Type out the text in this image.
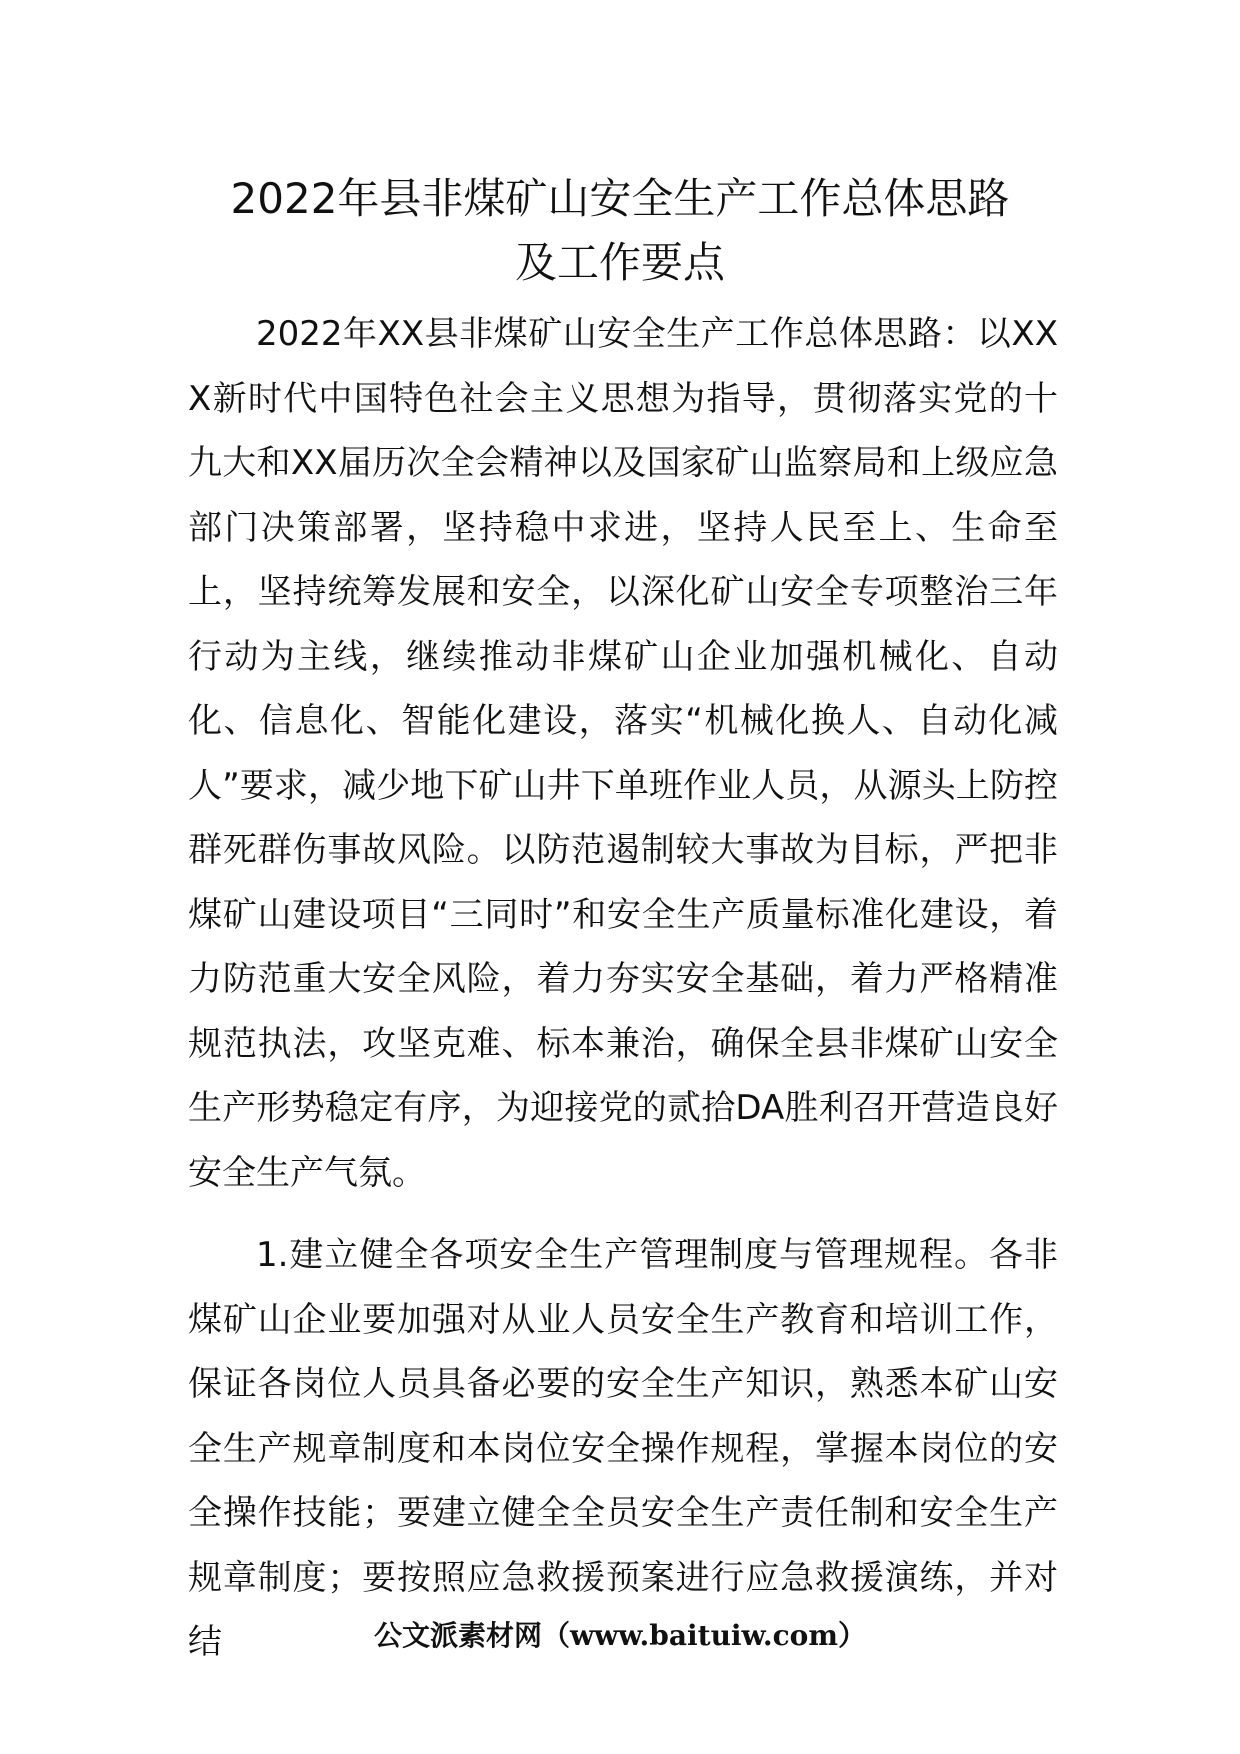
2022年县非煤矿山安全生产工作总体思路
及工作要点

2022年XX县非煤矿山安全生产工作总体思路：以XXX新时代中国特色社会主义思想为指导，贯彻落实党的十九大和XX届历次全会精神以及国家矿山监察局和上级应急部门决策部署，坚持稳中求进，坚持人民至上、生命至上，坚持统筹发展和安全，以深化矿山安全专项整治三年行动为主线，继续推动非煤矿山企业加强机械化、自动化、信息化、智能化建设，落实“机械化换人、自动化减人”要求，减少地下矿山井下单班作业人员，从源头上防控群死群伤事故风险。以防范遏制较大事故为目标，严把非煤矿山建设项目“三同时”和安全生产质量标准化建设，着力防范重大安全风险，着力夯实安全基础，着力严格精准规范执法，攻坚克难、标本兼治，确保全县非煤矿山安全生产形势稳定有序，为迎接党的贰拾DA胜利召开营造良好安全生产气氛。

1.建立健全各项安全生产管理制度与管理规程。各非煤矿山企业要加强对从业人员安全生产教育和培训工作，保证各岗位人员具备必要的安全生产知识，熟悉本矿山安全生产规章制度和本岗位安全操作规程，掌握本岗位的安全操作技能；要建立健全全员安全生产责任制和安全生产规章制度；要按照应急救援预案进行应急救援演练，并对结	公文派素材网（www.baituiw.com）
